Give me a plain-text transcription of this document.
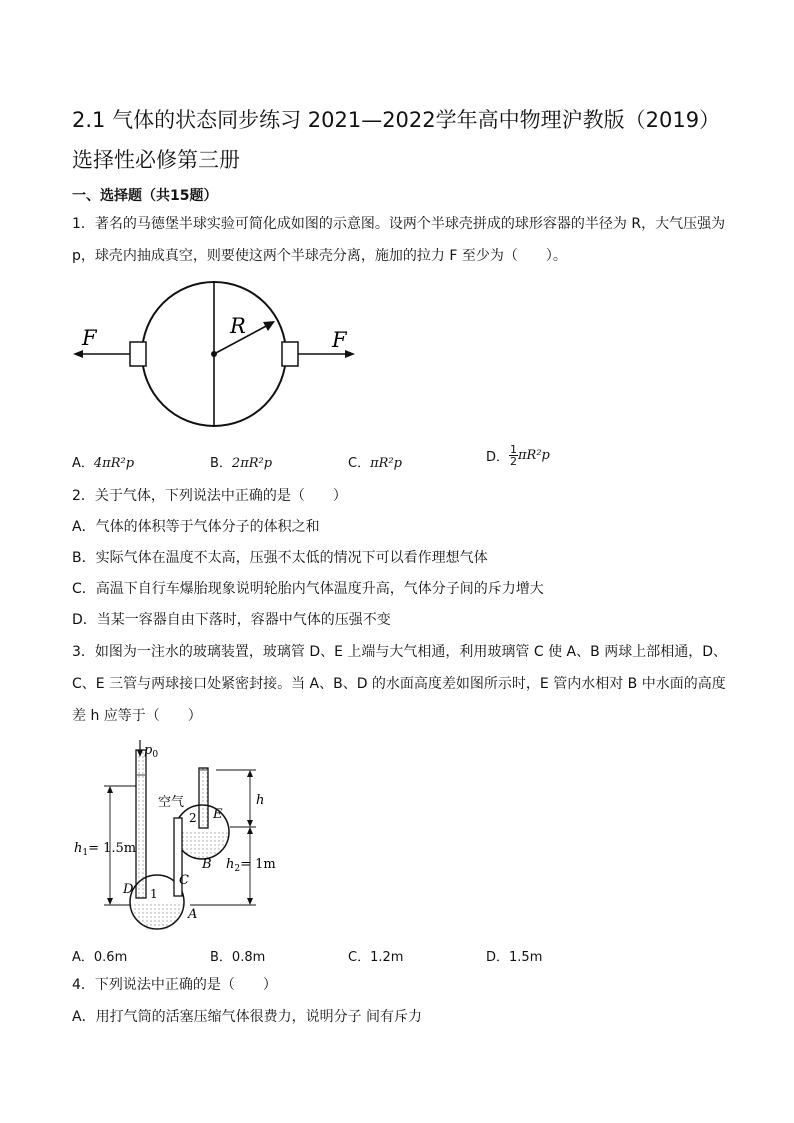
2.1 气体的状态同步练习 2021—2022学年高中物理沪教版（2019）选择性必修第三册
一、选择题（共15题）
1．著名的马德堡半球实验可简化成如图的示意图。设两个半球壳拼成的球形容器的半径为 R，大气压强为
p，球壳内抽成真空，则要使这两个半球壳分离，施加的拉力 F 至少为（　　）。
F	F
R
A．4πR²p	B．2πR²p	C．πR²p	D． $\frac{1}{2} \pi R^2p$
2．关于气体，下列说法中正确的是（　　）
A．气体的体积等于气体分子的体积之和
B．实际气体在温度不太高，压强不太低的情况下可以看作理想气体
C．高温下自行车爆胎现象说明轮胎内气体温度升高，气体分子间的斥力增大
D．当某一容器自由下落时，容器中气体的压强不变
3．如图为一注水的玻璃装置，玻璃管 D、E 上端与大气相通，利用玻璃管 C 使 A、B 两球上部相通，D、
C、E 三管与两球接口处紧密封接。当 A、B、D 的水面高度差如图所示时，E 管内水相对 B 中水面的高度
差 h 应等于（　　）
$p_0$
空气
E
B
C
D
A
1
2
h
$h_1= 1.5m$
$h_2= 1m$
A．0.6m	B．0.8m	C．1.2m	D．1.5m
4．下列说法中正确的是（　　）
A．用打气筒的活塞压缩气体很费力，说明分子 间有斥力
